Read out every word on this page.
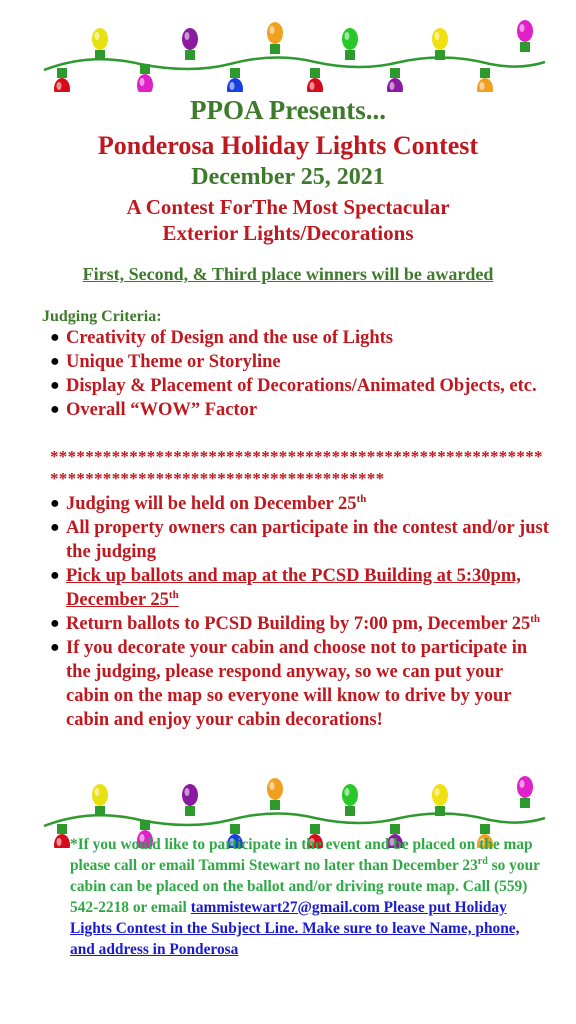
PPOA Presents...
Ponderosa Holiday Lights Contest
December 25, 2021
A Contest ForThe Most Spectacular
Exterior Lights/Decorations
First, Second, & Third place winners will be awarded
Judging Criteria:
● Creativity of Design and the use of Lights
● Unique Theme or Storyline
● Display & Placement of Decorations/Animated Objects, etc.
● Overall “WOW” Factor
**********************************************************************************************
● Judging will be held on December 25th
● All property owners can participate in the contest and/or just the judging
● Pick up ballots and map at the PCSD Building at 5:30pm, December 25th
● Return ballots to PCSD Building by 7:00 pm, December 25th
● If you decorate your cabin and choose not to participate in the judging, please respond anyway, so we can put your cabin on the map so everyone will know to drive by your cabin and enjoy your cabin decorations!
*If you would like to participate in the event and be placed on the map please call or email Tammi Stewart no later than December 23rd so your cabin can be placed on the ballot and/or driving route map. Call (559) 542-2218 or email tammistewart27@gmail.com Please put Holiday Lights Contest in the Subject Line. Make sure to leave Name, phone, and address in Ponderosa
